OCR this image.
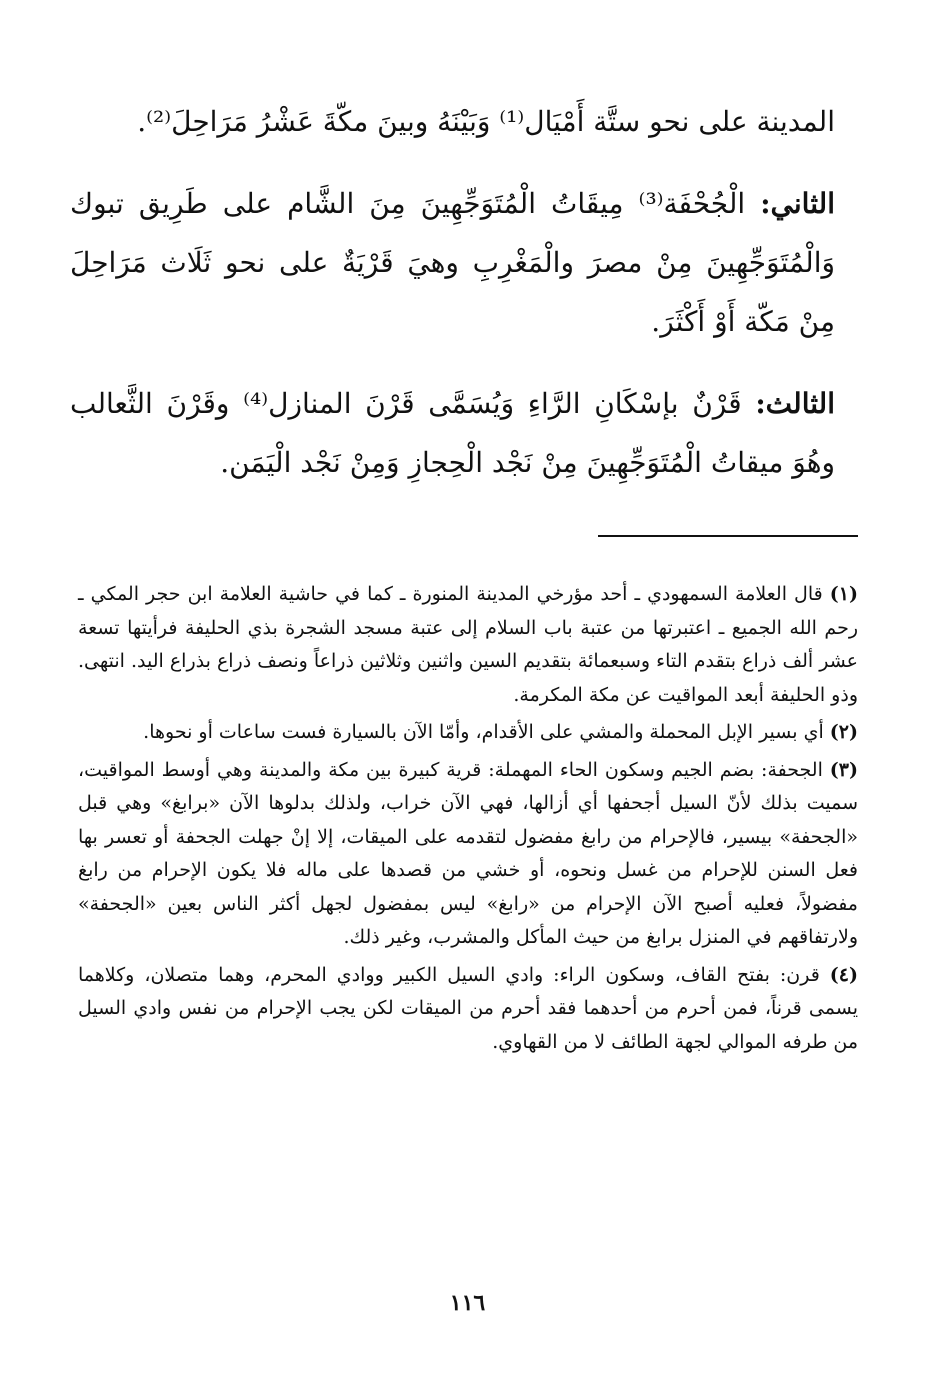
المدينة على نحو ستَّة أَمْيَال⁽¹⁾ وَبَيْنَهُ وبينَ مكّةَ عَشْرُ مَرَاحِلَ⁽²⁾.

الثاني: الْجُحْفَة⁽³⁾ مِيقَاتُ الْمُتَوَجِّهِينَ مِنَ الشَّام على طَرِيق تبوك وَالْمُتَوَجِّهِينَ مِنْ مصرَ والْمَغْرِبِ وهيَ قَرْيَةٌ على نحو ثَلَاث مَرَاحِلَ مِنْ مَكّة أَوْ أَكْثَرَ.

الثالث: قَرْنٌ بإسْكَانِ الرَّاءِ وَيُسَمَّى قَرْنَ المنازل⁽⁴⁾ وقَرْنَ الثَّعالب وهُوَ ميقاتُ الْمُتَوَجِّهِينَ مِنْ نَجْد الْحِجازِ وَمِنْ نَجْد الْيَمَن.

(١) قال العلامة السمهودي ـ أحد مؤرخي المدينة المنورة ـ كما في حاشية العلامة ابن حجر المكي ـ رحم الله الجميع ـ اعتبرتها من عتبة باب السلام إلى عتبة مسجد الشجرة بذي الحليفة فرأيتها تسعة عشر ألف ذراع بتقدم التاء وسبعمائة بتقديم السين واثنين وثلاثين ذراعاً ونصف ذراع بذراع اليد. انتهى. وذو الحليفة أبعد المواقيت عن مكة المكرمة.

(٢) أي بسير الإبل المحملة والمشي على الأقدام، وأمّا الآن بالسيارة فست ساعات أو نحوها.

(٣) الجحفة: بضم الجيم وسكون الحاء المهملة: قرية كبيرة بين مكة والمدينة وهي أوسط المواقيت، سميت بذلك لأنّ السيل أجحفها أي أزالها، فهي الآن خراب، ولذلك بدلوها الآن «برابغ» وهي قبل «الجحفة» بيسير، فالإحرام من رابغ مفضول لتقدمه على الميقات، إلا إنْ جهلت الجحفة أو تعسر بها فعل السنن للإحرام من غسل ونحوه، أو خشي من قصدها على ماله فلا يكون الإحرام من رابغ مفضولاً، فعليه أصبح الآن الإحرام من «رابغ» ليس بمفضول لجهل أكثر الناس بعين «الجحفة» ولارتفاقهم في المنزل برابغ من حيث المأكل والمشرب، وغير ذلك.

(٤) قرن: بفتح القاف، وسكون الراء: وادي السيل الكبير ووادي المحرم، وهما متصلان، وكلاهما يسمى قرناً، فمن أحرم من أحدهما فقد أحرم من الميقات لكن يجب الإحرام من نفس وادي السيل من طرفه الموالي لجهة الطائف لا من القهاوي.

١١٦
